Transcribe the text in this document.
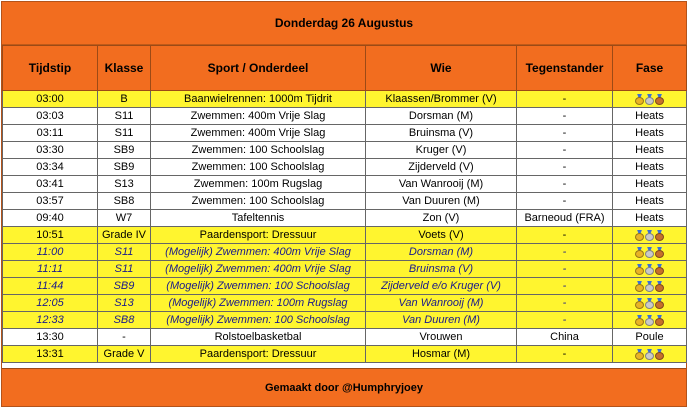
Donderdag 26 Augustus
Tijdstip	Klasse	Sport / Onderdeel	Wie	Tegenstander	Fase
03:00	B	Baanwielrennen: 1000m Tijdrit	Klaassen/Brommer (V)	-	

03:03	S11	Zwemmen: 400m Vrije Slag	Dorsman (M)	-	Heats
03:11	S11	Zwemmen: 400m Vrije Slag	Bruinsma (V)	-	Heats
03:30	SB9	Zwemmen: 100 Schoolslag	Kruger (V)	-	Heats
03:34	SB9	Zwemmen: 100 Schoolslag	Zijderveld (V)	-	Heats
03:41	S13	Zwemmen: 100m Rugslag	Van Wanrooij (M)	-	Heats
03:57	SB8	Zwemmen: 100 Schoolslag	Van Duuren (M)	-	Heats
09:40	W7	Tafeltennis	Zon (V)	Barneoud (FRA)	Heats
10:51	Grade IV	Paardensport: Dressuur	Voets (V)	-	

11:00	S11	(Mogelijk) Zwemmen: 400m Vrije Slag	Dorsman (M)	-	

11:11	S11	(Mogelijk) Zwemmen: 400m Vrije Slag	Bruinsma (V)	-	

11:44	SB9	(Mogelijk) Zwemmen: 100 Schoolslag	Zijderveld e/o Kruger (V)	-	

12:05	S13	(Mogelijk) Zwemmen: 100m Rugslag	Van Wanrooij (M)	-	

12:33	SB8	(Mogelijk) Zwemmen: 100 Schoolslag	Van Duuren (M)	-	

13:30	-	Rolstoelbasketbal	Vrouwen	China	Poule
13:31	Grade V	Paardensport: Dressuur	Hosmar (M)	-	
Gemaakt door @Humphryjoey
